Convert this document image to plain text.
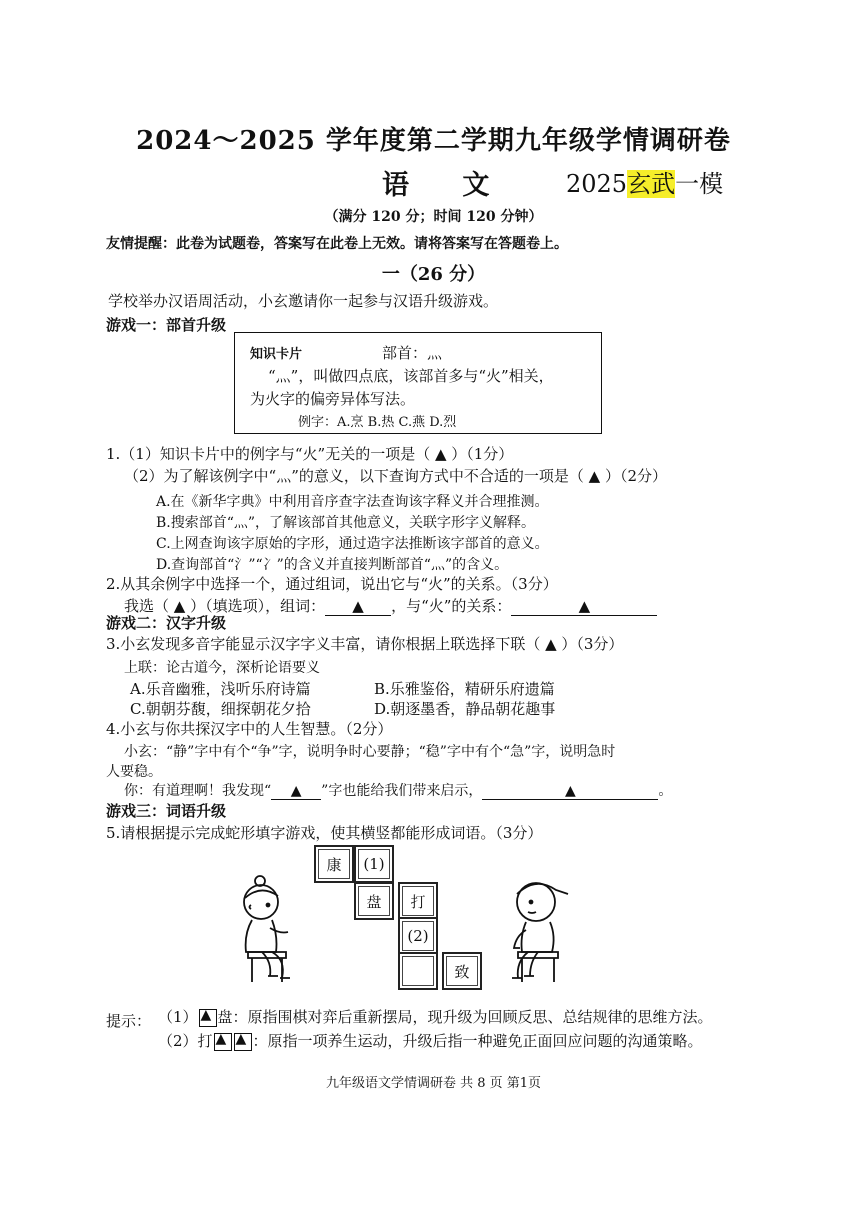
2024～2025 学年度第二学期九年级学情调研卷
语 文 2025玄武一模
（满分 120 分；时间 120 分钟）
友情提醒：此卷为试题卷，答案写在此卷上无效。请将答案写在答题卷上。
一（26 分）
学校举办汉语周活动，小玄邀请你一起参与汉语升级游戏。
游戏一：部首升级
知识卡片	部首：灬
“灬”，叫做四点底，该部首多与“火”相关，
为火字的偏旁异体写法。
例字：A.烹 B.热 C.燕 D.烈
1.（1）知识卡片中的例字与“火”无关的一项是（ ▲ ）（1分）
（2）为了解该例字中“灬”的意义，以下查询方式中不合适的一项是（ ▲ ）（2分）
A.在《新华字典》中利用音序查字法查询该字释义并合理推测。
B.搜索部首“灬”，了解该部首其他意义，关联字形字义解释。
C.上网查询该字原始的字形，通过造字法推断该字部首的意义。
D.查询部首“氵”“冫”的含义并直接判断部首“灬”的含义。
2.从其余例字中选择一个，通过组词，说出它与“火”的关系。（3分）
我选（ ▲ ）（填选项），组词： ▲ ，与“火”的关系：	▲
游戏二：汉字升级
3.小玄发现多音字能显示汉字字义丰富，请你根据上联选择下联（ ▲ ）（3分）
上联：论古道今，深析论语要义
A.乐音幽雅，浅听乐府诗篇	B.乐雅鉴俗，精研乐府遗篇
C.朝朝芬馥，细探朝花夕拾	D.朝逐墨香，静品朝花趣事
4.小玄与你共探汉字中的人生智慧。（2分）
小玄：“静”字中有个“争”字，说明争时心要静；“稳”字中有个“急”字，说明急时
人要稳。
你：有道理啊！我发现“ ▲ ”字也能给我们带来启示，	▲	。
游戏三：词语升级
5.请根据提示完成蛇形填字游戏，使其横竖都能形成词语。（3分）
康	(1)
盘	打
(2)
致
提示： （1） ▲ 盘：原指围棋对弈后重新摆局，现升级为回顾反思、总结规律的思维方法。
（2）打 ▲ ▲	：原指一项养生运动，升级后指一种避免正面回应问题的沟通策略。
九年级语文学情调研卷 共 8 页 第1页
